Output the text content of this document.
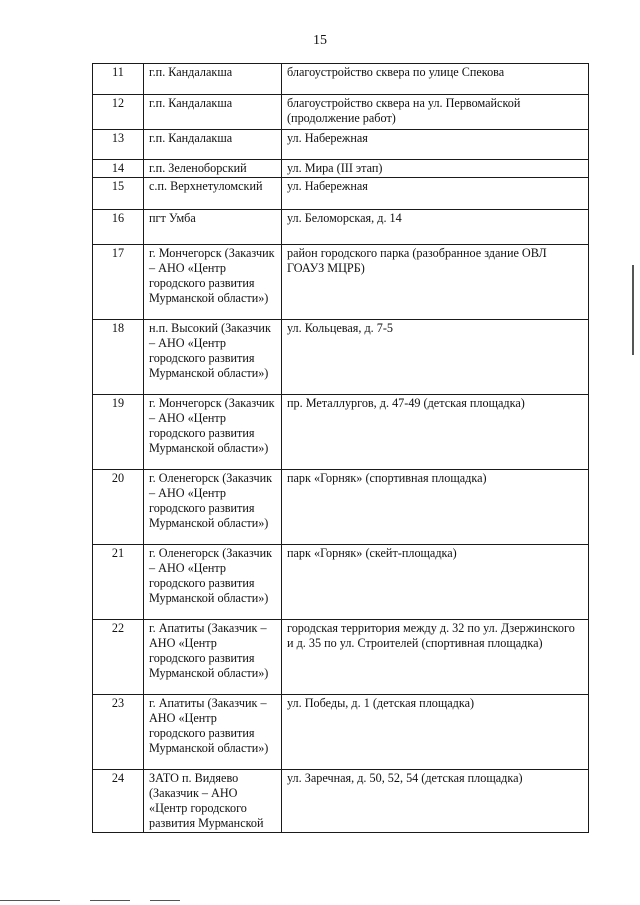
15
11	г.п. Кандалакша	благоустройство сквера по улице Спекова
12	г.п. Кандалакша	благоустройство сквера на ул. Первомайской (продолжение работ)
13	г.п. Кандалакша	ул. Набережная
14	г.п. Зеленоборский	ул. Мира (III этап)
15	с.п. Верхнетуломский	ул. Набережная
16	пгт Умба	ул. Беломорская, д. 14
17	г. Мончегорск (Заказчик – АНО «Центр городского развития Мурманской области»)	район городского парка (разобранное здание ОВЛ ГОАУЗ МЦРБ)
18	н.п. Высокий (Заказчик – АНО «Центр городского развития Мурманской области»)	ул. Кольцевая, д. 7-5
19	г. Мончегорск (Заказчик – АНО «Центр городского развития Мурманской области»)	пр. Металлургов, д. 47-49 (детская площадка)
20	г. Оленегорск (Заказчик – АНО «Центр городского развития Мурманской области»)	парк «Горняк» (спортивная площадка)
21	г. Оленегорск (Заказчик – АНО «Центр городского развития Мурманской области»)	парк «Горняк» (скейт-площадка)
22	г. Апатиты (Заказчик – АНО «Центр городского развития Мурманской области»)	городская территория между д. 32 по ул. Дзержинского и д. 35 по ул. Строителей (спортивная площадка)
23	г. Апатиты (Заказчик – АНО «Центр городского развития Мурманской области»)	ул. Победы, д. 1 (детская площадка)
24	ЗАТО п. Видяево (Заказчик – АНО «Центр городского развития Мурманской	ул. Заречная, д. 50, 52, 54 (детская площадка)
